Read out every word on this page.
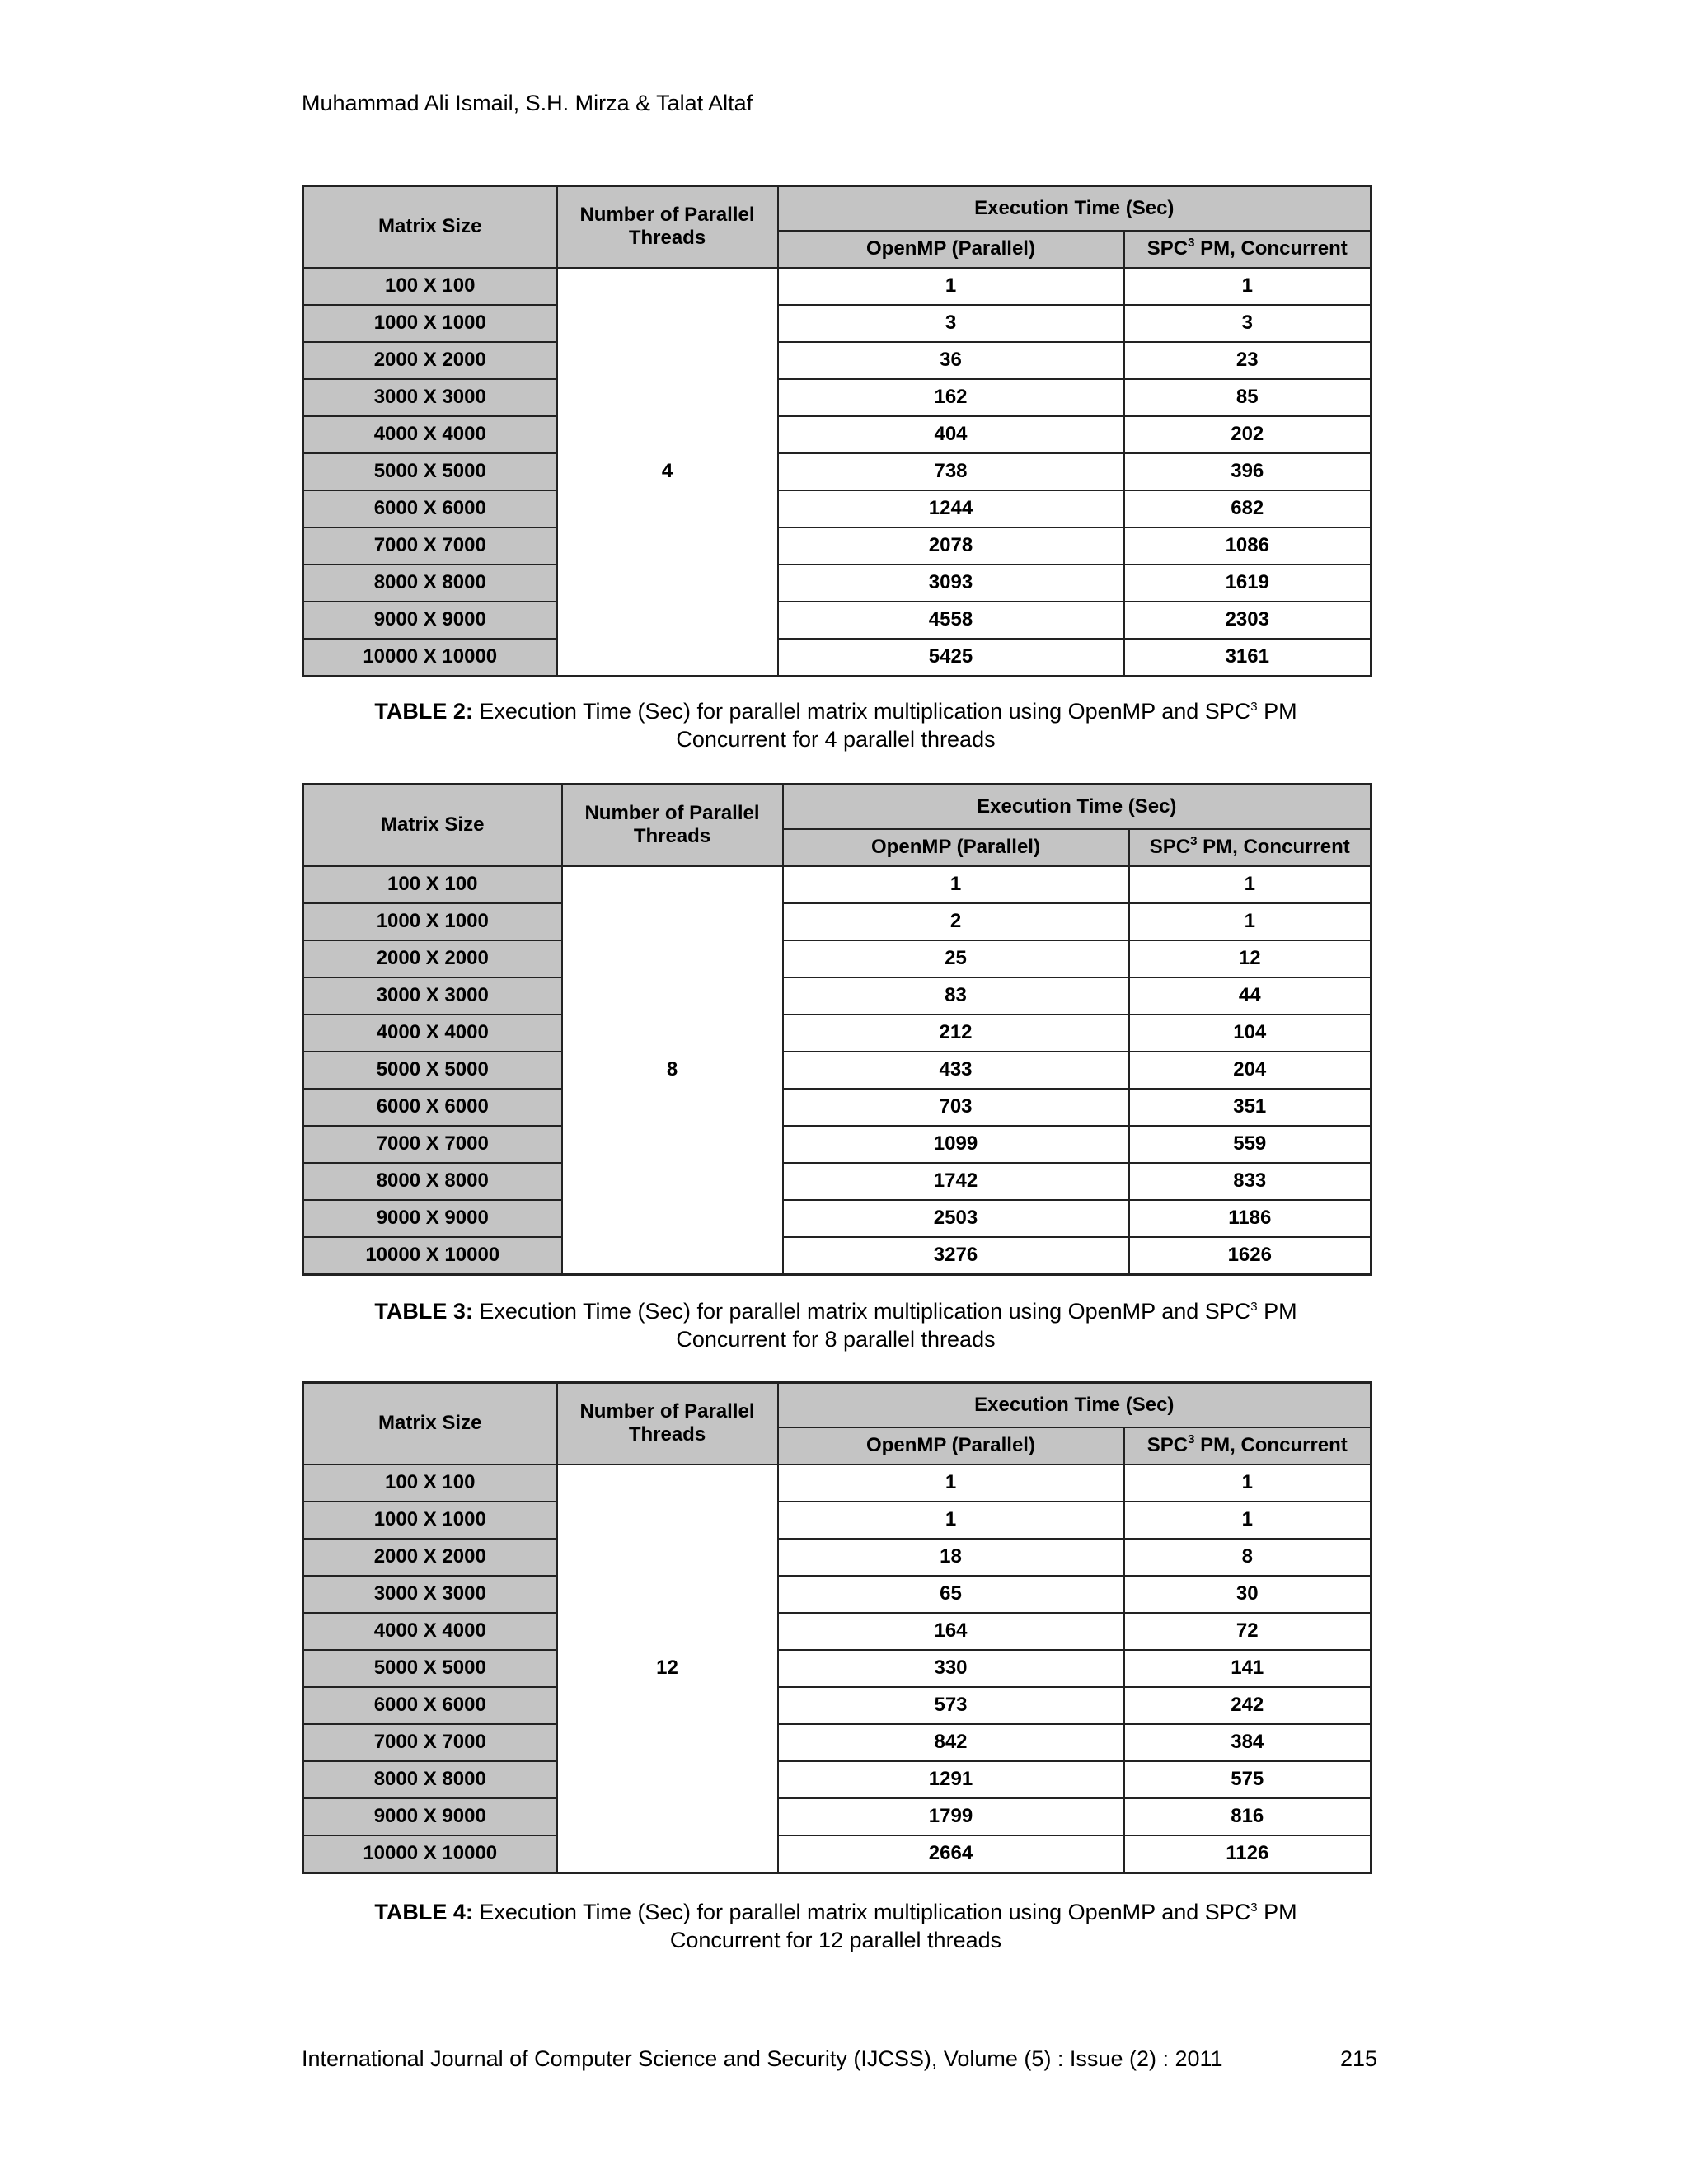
Muhammad Ali Ismail, S.H. Mirza & Talat Altaf
Matrix Size	Number of Parallel Threads	Execution Time (Sec)	
		OpenMP (Parallel)	SPC$^3$ PM, Concurrent
100 X 100	4	1	1
1000 X 1000		3	3
2000 X 2000		36	23
3000 X 3000		162	85
4000 X 4000		404	202
5000 X 5000		738	396
6000 X 6000		1244	682
7000 X 7000		2078	1086
8000 X 8000		3093	1619
9000 X 9000		4558	2303
10000 X 10000		5425	3161
TABLE 2: Execution Time (Sec) for parallel matrix multiplication using OpenMP and SPC$^3$ PM
Concurrent for 4 parallel threads
Matrix Size	Number of Parallel Threads	Execution Time (Sec)	
		OpenMP (Parallel)	SPC$^3$ PM, Concurrent
100 X 100	8	1	1
1000 X 1000		2	1
2000 X 2000		25	12
3000 X 3000		83	44
4000 X 4000		212	104
5000 X 5000		433	204
6000 X 6000		703	351
7000 X 7000		1099	559
8000 X 8000		1742	833
9000 X 9000		2503	1186
10000 X 10000		3276	1626
TABLE 3: Execution Time (Sec) for parallel matrix multiplication using OpenMP and SPC$^3$ PM
Concurrent for 8 parallel threads
Matrix Size	Number of Parallel Threads	Execution Time (Sec)	
		OpenMP (Parallel)	SPC$^3$ PM, Concurrent
100 X 100	12	1	1
1000 X 1000		1	1
2000 X 2000		18	8
3000 X 3000		65	30
4000 X 4000		164	72
5000 X 5000		330	141
6000 X 6000		573	242
7000 X 7000		842	384
8000 X 8000		1291	575
9000 X 9000		1799	816
10000 X 10000		2664	1126
TABLE 4: Execution Time (Sec) for parallel matrix multiplication using OpenMP and SPC$^3$ PM
Concurrent for 12 parallel threads
International Journal of Computer Science and Security (IJCSS), Volume (5) : Issue (2) : 2011	215
